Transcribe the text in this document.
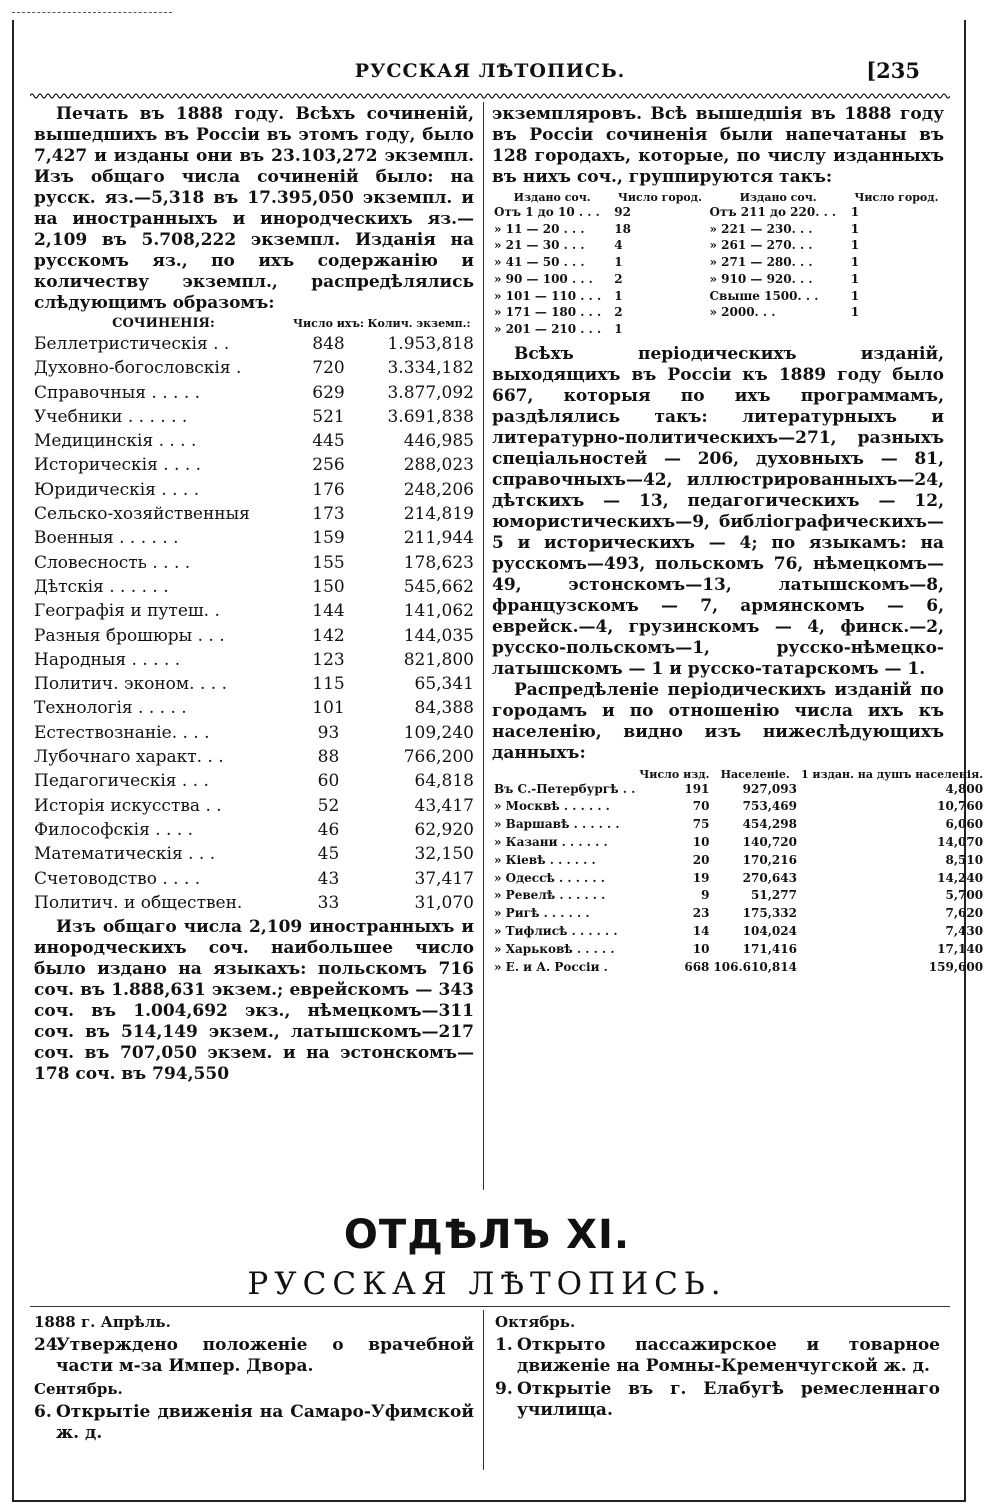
РУССКАЯ ЛѢТОПИСЬ.	[235

Печать въ 1888 году. Всѣхъ сочиненій, вышедшихъ въ Россіи въ этомъ году, было 7,427 и изданы они въ 23.103,272 экземпл. Изъ общаго числа сочиненій было: на русск. яз.—5,318 въ 17.395,050 экземпл. и на иностранныхъ и инородческихъ яз.—2,109 въ 5.708,222 экземпл. Изданія на русскомъ яз., по ихъ содержанію и количеству экземпл., распредѣлялись слѣдующимъ образомъ:

СОЧИНЕНІЯ:	Число ихъ:	Колич. экземп.:
Беллетристическія . .	848	1.953,818
Духовно-богословскія .	720	3.334,182
Справочныя . . . . .	629	3.877,092
Учебники . . . . . .	521	3.691,838
Медицинскія . . . .	445	446,985
Историческія . . . .	256	288,023
Юридическія . . . .	176	248,206
Сельско-хозяйственныя	173	214,819
Военныя . . . . . .	159	211,944
Словесность . . . .	155	178,623
Дѣтскія . . . . . .	150	545,662
Географія и путеш. .	144	141,062
Разныя брошюры . . .	142	144,035
Народныя . . . . .	123	821,800
Политич. эконом. . . .	115	65,341
Технологія . . . . .	101	84,388
Естествознаніе. . . .	93	109,240
Лубочнаго характ. . .	88	766,200
Педагогическія . . .	60	64,818
Исторія искусства . .	52	43,417
Философскія . . . .	46	62,920
Математическія . . .	45	32,150
Счетоводство . . . .	43	37,417
Политич. и обществен.	33	31,070

Изъ общаго числа 2,109 иностранныхъ и инородческихъ соч. наибольшее число было издано на языкахъ: польскомъ 716 соч. въ 1.888,631 экзем.; еврейскомъ — 343 соч. въ 1.004,692 экз., нѣмецкомъ—311 соч. въ 514,149 экзем., латышскомъ—217 соч. въ 707,050 экзем. и на эстонскомъ—178 соч. въ 794,550

экземпляровъ. Всѣ вышедшія въ 1888 году въ Россіи сочиненія были напечатаны въ 128 городахъ, которые, по числу изданныхъ въ нихъ соч., группируются такъ:

Издано соч.	Число город.	Издано соч.	Число город.
Отъ 1 до 10 . . .	92	Отъ 211 до 220. . .	1
» 11 — 20 . . .	18	» 221 — 230. . .	1
» 21 — 30 . . .	4	» 261 — 270. . .	1
» 41 — 50 . . .	1	» 271 — 280. . .	1
» 90 — 100 . . .	2	» 910 — 920. . .	1
» 101 — 110 . . .	1	Свыше 1500. . .	1
» 171 — 180 . . .	2	» 2000. . .	1
» 201 — 210 . . .	1		

Всѣхъ періодическихъ изданій, выходящихъ въ Россіи къ 1889 году было 667, которыя по ихъ программамъ, раздѣлялись такъ: литературныхъ и литературно-политическихъ—271, разныхъ спеціальностей — 206, духовныхъ — 81, справочныхъ—42, иллюстрированныхъ—24, дѣтскихъ — 13, педагогическихъ — 12, юмористическихъ—9, библіографическихъ—5 и историческихъ — 4; по языкамъ: на русскомъ—493, польскомъ 76, нѣмецкомъ—49, эстонскомъ—13, латышскомъ—8, французскомъ — 7, армянскомъ — 6, еврейск.—4, грузинскомъ — 4, финск.—2, русско-польскомъ—1, русско-нѣмецко-латышскомъ — 1 и русско-татарскомъ — 1.

Распредѣленіе періодическихъ изданій по городамъ и по отношенію числа ихъ къ населенію, видно изъ нижеслѣдующихъ данныхъ:

	Число изд.	Населеніе.	1 издан. на душъ населенія.
Въ С.-Петербургѣ . .	191	927,093	4,800
» Москвѣ . . . . . .	70	753,469	10,760
» Варшавѣ . . . . . .	75	454,298	6,060
» Казани . . . . . .	10	140,720	14,070
» Кіевѣ . . . . . .	20	170,216	8,510
» Одессѣ . . . . . .	19	270,643	14,240
» Ревелѣ . . . . . .	9	51,277	5,700
» Ригѣ . . . . . .	23	175,332	7,620
» Тифлисѣ . . . . . .	14	104,024	7,430
» Харьковѣ . . . . .	10	171,416	17,140
» Е. и А. Россіи .	668	106.610,814	159,600
ОТДѢЛЪ XI.
РУССКАЯ ЛѢТОПИСЬ.
1888 г. Апрѣль.
24.
Утверждено положеніе о врачебной части м-за Импер. Двора.
Сентябрь.
6. Открытіе движенія на Самаро-Уфимской ж. д.
Октябрь.
1. Открыто пассажирское и товарное движеніе на Ромны-Кременчугской ж. д.
9. Открытіе въ г. Елабугѣ ремесленнаго училища.
